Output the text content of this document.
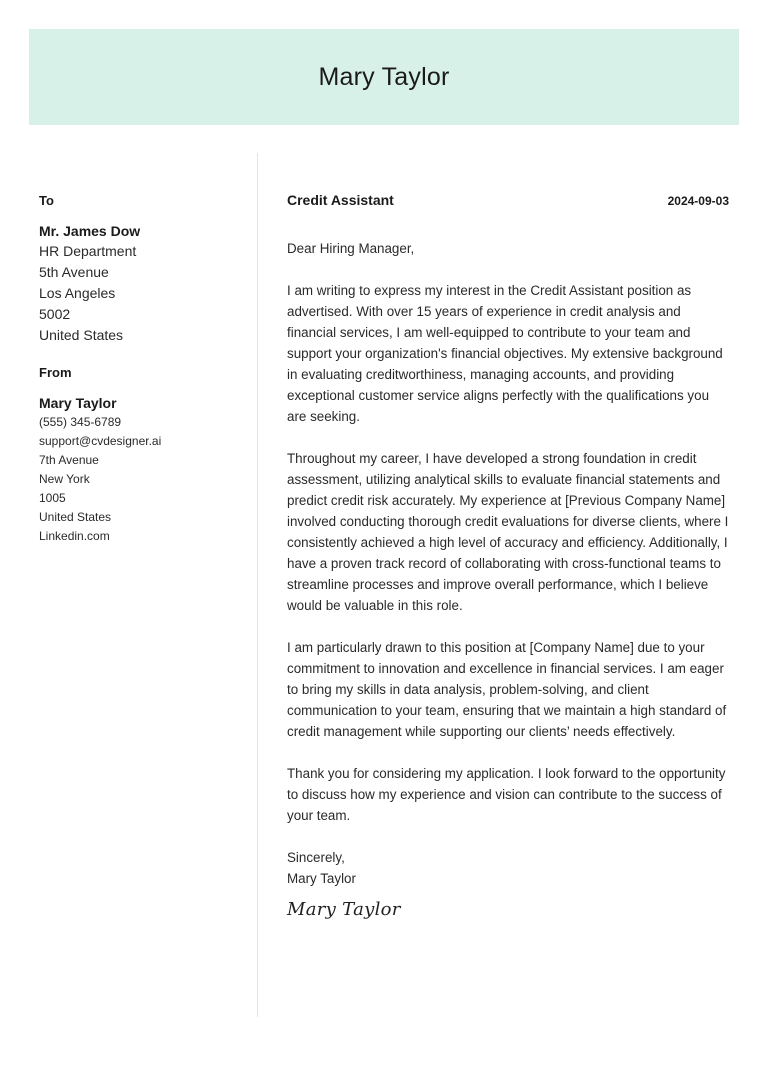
Mary Taylor
To
Mr. James Dow
HR Department
5th Avenue
Los Angeles
5002
United States
From
Mary Taylor
(555) 345-6789
support@cvdesigner.ai
7th Avenue
New York
1005
United States
Linkedin.com
Credit Assistant	2024-09-03

Dear Hiring Manager,

I am writing to express my interest in the Credit Assistant position as advertised. With over 15 years of experience in credit analysis and financial services, I am well-equipped to contribute to your team and support your organization's financial objectives. My extensive background in evaluating creditworthiness, managing accounts, and providing exceptional customer service aligns perfectly with the qualifications you are seeking.

Throughout my career, I have developed a strong foundation in credit assessment, utilizing analytical skills to evaluate financial statements and predict credit risk accurately. My experience at [Previous Company Name] involved conducting thorough credit evaluations for diverse clients, where I consistently achieved a high level of accuracy and efficiency. Additionally, I have a proven track record of collaborating with cross-functional teams to streamline processes and improve overall performance, which I believe would be valuable in this role.

I am particularly drawn to this position at [Company Name] due to your commitment to innovation and excellence in financial services. I am eager to bring my skills in data analysis, problem-solving, and client communication to your team, ensuring that we maintain a high standard of credit management while supporting our clients’ needs effectively.

Thank you for considering my application. I look forward to the opportunity to discuss how my experience and vision can contribute to the success of your team.

Sincerely,

Mary Taylor

Mary Taylor
